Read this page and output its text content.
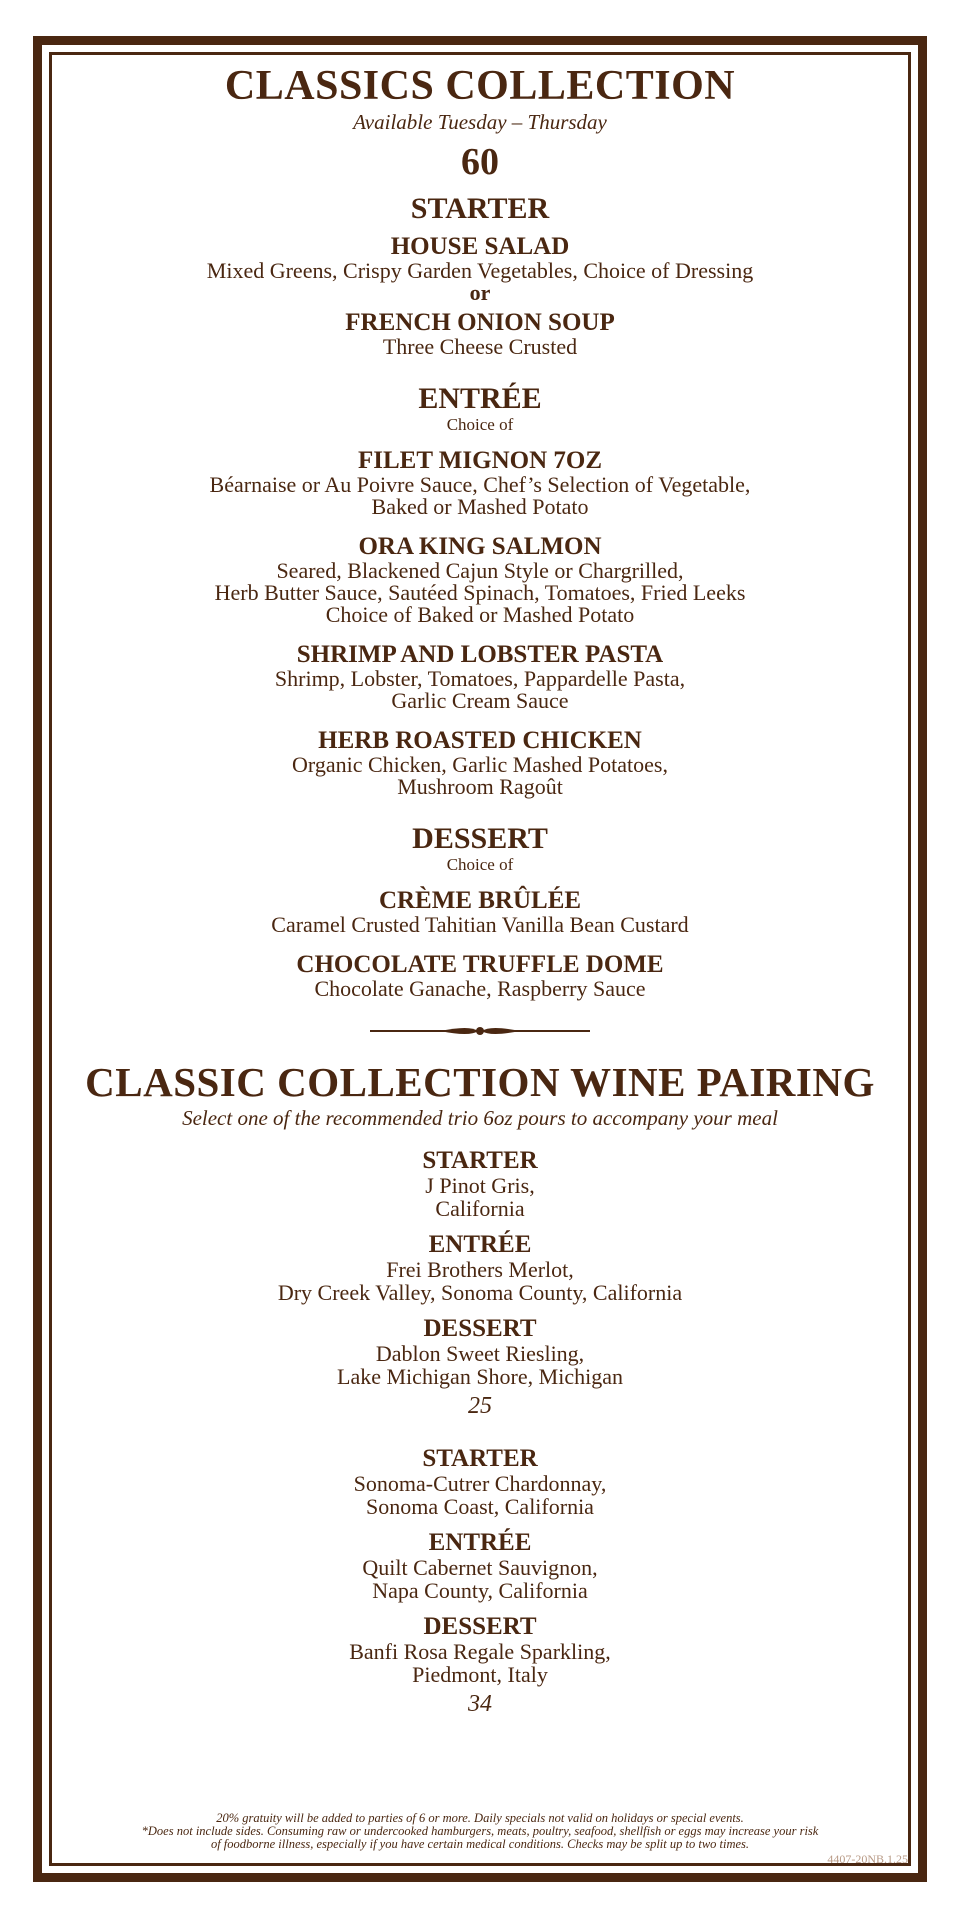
CLASSICS COLLECTION
Available Tuesday – Thursday
60
STARTER
HOUSE SALAD
Mixed Greens, Crispy Garden Vegetables, Choice of Dressing
or
FRENCH ONION SOUP
Three Cheese Crusted
ENTRÉE
Choice of
FILET MIGNON 7OZ
Béarnaise or Au Poivre Sauce, Chef’s Selection of Vegetable,
Baked or Mashed Potato
ORA KING SALMON
Seared, Blackened Cajun Style or Chargrilled,
Herb Butter Sauce, Sautéed Spinach, Tomatoes, Fried Leeks
Choice of Baked or Mashed Potato
SHRIMP AND LOBSTER PASTA
Shrimp, Lobster, Tomatoes, Pappardelle Pasta,
Garlic Cream Sauce
HERB ROASTED CHICKEN
Organic Chicken, Garlic Mashed Potatoes,
Mushroom Ragoût
DESSERT
Choice of
CRÈME BRÛLÉE
Caramel Crusted Tahitian Vanilla Bean Custard
CHOCOLATE TRUFFLE DOME
Chocolate Ganache, Raspberry Sauce
CLASSIC COLLECTION WINE PAIRING
Select one of the recommended trio 6oz pours to accompany your meal
STARTER
J Pinot Gris,
California
ENTRÉE
Frei Brothers Merlot,
Dry Creek Valley, Sonoma County, California
DESSERT
Dablon Sweet Riesling,
Lake Michigan Shore, Michigan
25
STARTER
Sonoma-Cutrer Chardonnay,
Sonoma Coast, California
ENTRÉE
Quilt Cabernet Sauvignon,
Napa County, California
DESSERT
Banfi Rosa Regale Sparkling,
Piedmont, Italy
34
20% gratuity will be added to parties of 6 or more. Daily specials not valid on holidays or special events.
*Does not include sides. Consuming raw or undercooked hamburgers, meats, poultry, seafood, shellfish or eggs may increase your risk
of foodborne illness, especially if you have certain medical conditions. Checks may be split up to two times.
4407-20NB.1.25
